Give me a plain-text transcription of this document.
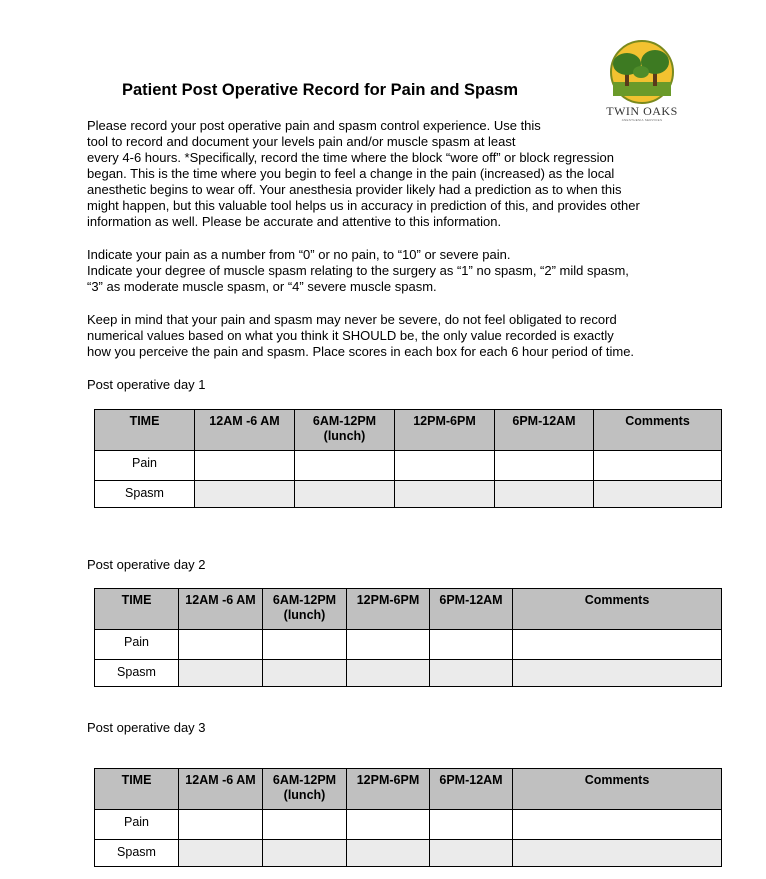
TWIN OAKS
ANESTHESIA SERVICES
Patient Post Operative Record for Pain and Spasm
Please record your post operative pain and spasm control experience. Use this
tool to record and document your levels pain and/or muscle spasm at least
every 4-6 hours. *Specifically, record the time where the block “wore off” or block regression
began. This is the time where you begin to feel a change in the pain (increased) as the local
anesthetic begins to wear off. Your anesthesia provider likely had a prediction as to when this
might happen, but this valuable tool helps us in accuracy in prediction of this, and provides other
information as well. Please be accurate and attentive to this information.
Indicate your pain as a number from “0” or no pain, to “10” or severe pain.
Indicate your degree of muscle spasm relating to the surgery as “1” no spasm, “2” mild spasm,
“3” as moderate muscle spasm, or “4” severe muscle spasm.
Keep in mind that your pain and spasm may never be severe, do not feel obligated to record
numerical values based on what you think it SHOULD be, the only value recorded is exactly
how you perceive the pain and spasm. Place scores in each box for each 6 hour period of time.
Post operative day 1
TIME	12AM -6 AM	6AM-12PM
(lunch)	12PM-6PM	6PM-12AM	Comments
Pain					
Spasm					
Post operative day 2
TIME	12AM -6 AM	6AM-12PM
(lunch)	12PM-6PM	6PM-12AM	Comments
Pain					
Spasm					
Post operative day 3
TIME	12AM -6 AM	6AM-12PM
(lunch)	12PM-6PM	6PM-12AM	Comments
Pain					
Spasm					
